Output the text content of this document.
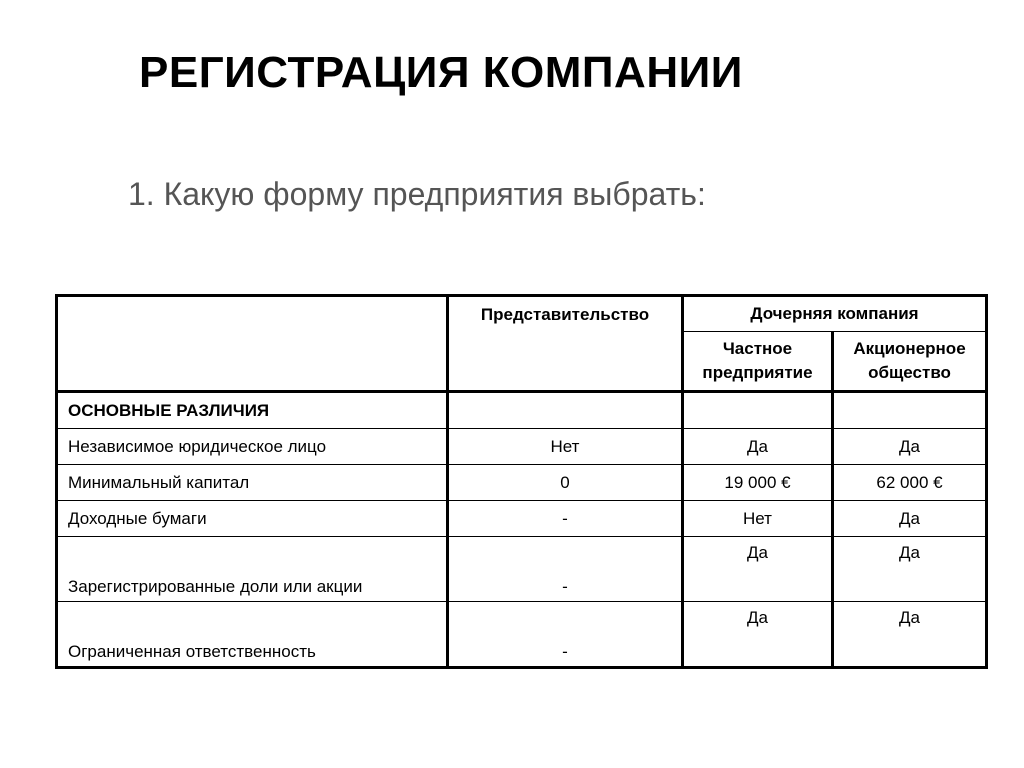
РЕГИСТРАЦИЯ КОМПАНИИ
1. Какую форму предприятия выбрать:
	Представительство	Дочерняя компания	
		Частное предприятие	Акционерное общество
ОСНОВНЫЕ РАЗЛИЧИЯ			
Независимое юридическое лицо	Нет	Да	Да
Минимальный капитал	0	19 000 €	62 000 €
Доходные бумаги	-	Нет	Да
Зарегистрированные доли или акции	-	Да	Да
Ограниченная ответственность	-	Да	Да
